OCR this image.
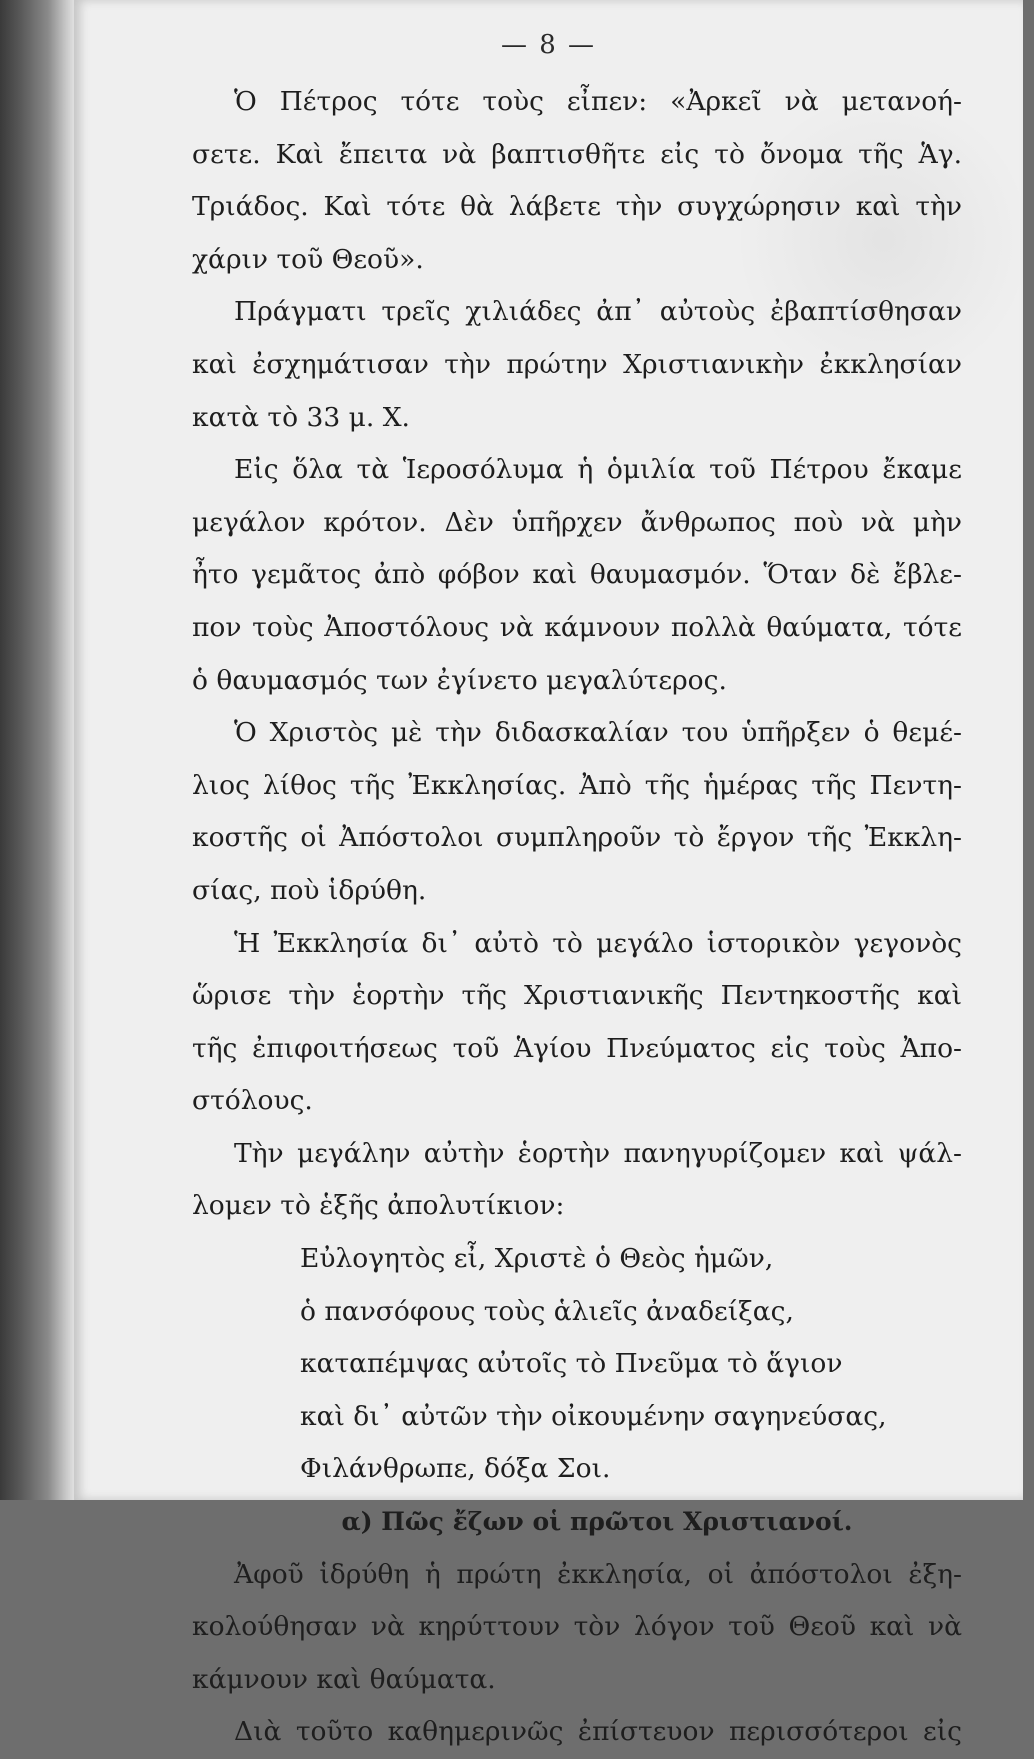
— 8 —
Ὁ Πέτρος τότε τοὺς εἶπεν: «Ἀρκεῖ νὰ μετανοή-
σετε. Καὶ ἔπειτα νὰ βαπτισθῆτε εἰς τὸ ὄνομα τῆς Ἁγ.
Τριάδος. Καὶ τότε θὰ λάβετε τὴν συγχώρησιν καὶ τὴν
χάριν τοῦ Θεοῦ».
Πράγματι τρεῖς χιλιάδες ἀπ᾽ αὐτοὺς ἐβαπτίσθησαν
καὶ ἐσχημάτισαν τὴν πρώτην Χριστιανικὴν ἐκκλησίαν
κατὰ τὸ 33 μ. Χ.
Εἰς ὅλα τὰ Ἱεροσόλυμα ἡ ὁμιλία τοῦ Πέτρου ἔκαμε
μεγάλον κρότον. Δὲν ὑπῆρχεν ἄνθρωπος ποὺ νὰ μὴν
ἦτο γεμᾶτος ἀπὸ φόβον καὶ θαυμασμόν. Ὅταν δὲ ἔβλε-
πον τοὺς Ἀποστόλους νὰ κάμνουν πολλὰ θαύματα, τότε
ὁ θαυμασμός των ἐγίνετο μεγαλύτερος.
Ὁ Χριστὸς μὲ τὴν διδασκαλίαν του ὑπῆρξεν ὁ θεμέ-
λιος λίθος τῆς Ἐκκλησίας. Ἀπὸ τῆς ἡμέρας τῆς Πεντη-
κοστῆς οἱ Ἀπόστολοι συμπληροῦν τὸ ἔργον τῆς Ἐκκλη-
σίας, ποὺ ἱδρύθη.
Ἡ Ἐκκλησία δι᾽ αὐτὸ τὸ μεγάλο ἱστορικὸν γεγονὸς
ὥρισε τὴν ἑορτὴν τῆς Χριστιανικῆς Πεντηκοστῆς καὶ
τῆς ἐπιφοιτήσεως τοῦ Ἁγίου Πνεύματος εἰς τοὺς Ἀπο-
στόλους.
Τὴν μεγάλην αὐτὴν ἑορτὴν πανηγυρίζομεν καὶ ψάλ-
λομεν τὸ ἑξῆς ἀπολυτίκιον:
Εὐλογητὸς εἶ, Χριστὲ ὁ Θεὸς ἡμῶν,
ὁ πανσόφους τοὺς ἁλιεῖς ἀναδείξας,
καταπέμψας αὐτοῖς τὸ Πνεῦμα τὸ ἅγιον
καὶ δι᾽ αὐτῶν τὴν οἰκουμένην σαγηνεύσας,
Φιλάνθρωπε, δόξα Σοι.
α) Πῶς ἔζων οἱ πρῶτοι Χριστιανοί.
Ἀφοῦ ἱδρύθη ἡ πρώτη ἐκκλησία, οἱ ἀπόστολοι ἐξη-
κολούθησαν νὰ κηρύττουν τὸν λόγον τοῦ Θεοῦ καὶ νὰ
κάμνουν καὶ θαύματα.
Διὰ τοῦτο καθημερινῶς ἐπίστευον περισσότεροι εἰς
